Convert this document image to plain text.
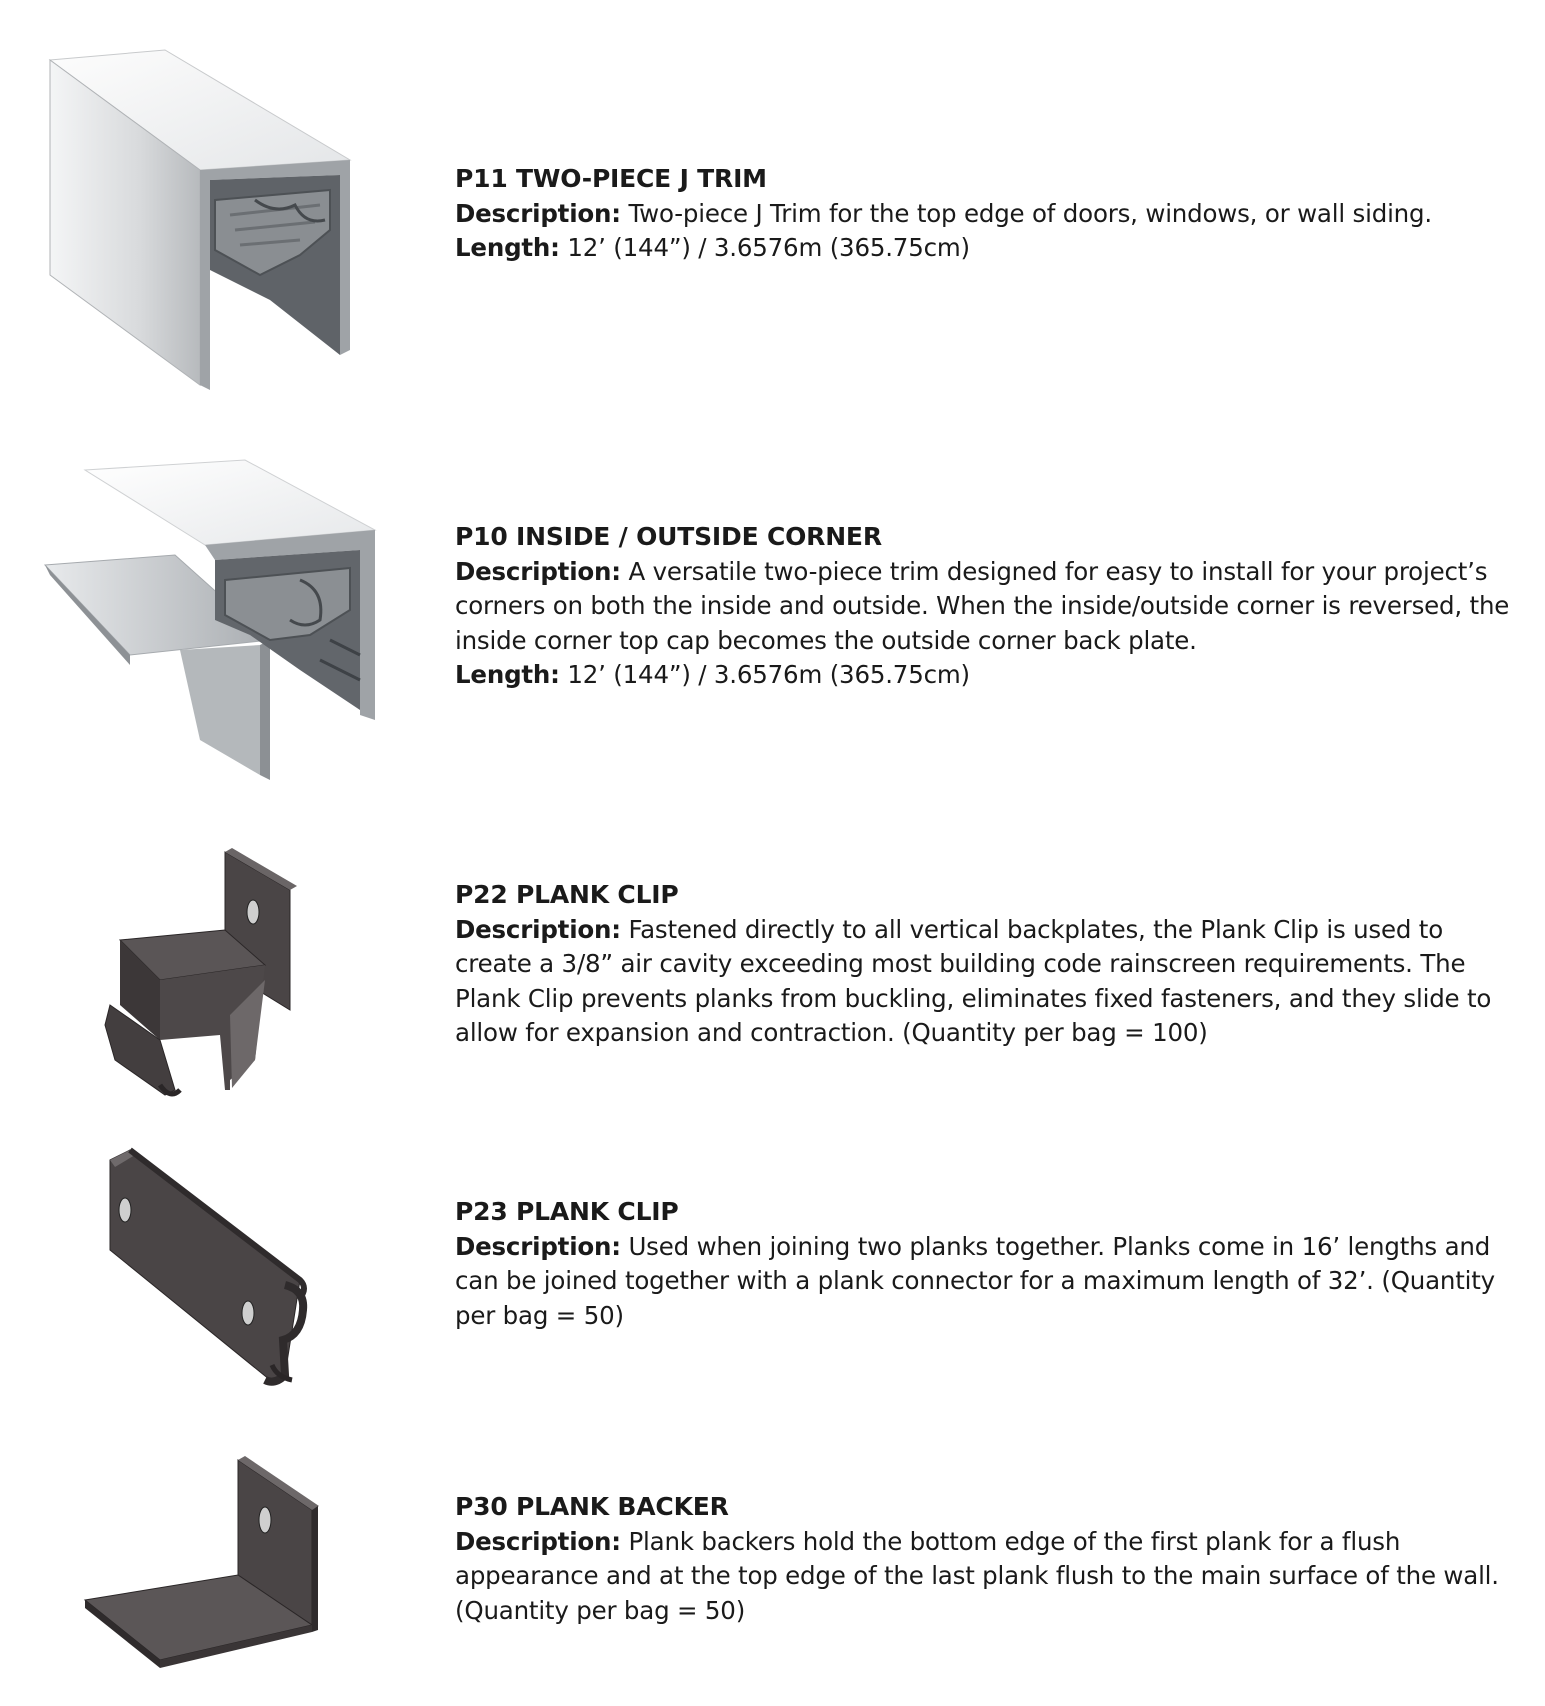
P11 TWO-PIECE J TRIM

Description: Two-piece J Trim for the top edge of doors, windows, or wall siding.

Length: 12’ (144”) / 3.6576m (365.75cm)

P10 INSIDE / OUTSIDE CORNER

Description: A versatile two-piece trim designed for easy to install for your project’s corners on both the inside and outside. When the inside/outside corner is reversed, the inside corner top cap becomes the outside corner back plate.

Length: 12’ (144”) / 3.6576m (365.75cm)

P22 PLANK CLIP

Description: Fastened directly to all vertical backplates, the Plank Clip is used to create a 3/8” air cavity exceeding most building code rainscreen requirements. The Plank Clip prevents planks from buckling, eliminates fixed fasteners, and they slide to allow for expansion and contraction. (Quantity per bag = 100)

P23 PLANK CLIP

Description: Used when joining two planks together. Planks come in 16’ lengths and can be joined together with a plank connector for a maximum length of 32’. (Quantity per bag = 50)

P30 PLANK BACKER

Description: Plank backers hold the bottom edge of the first plank for a flush appearance and at the top edge of the last plank flush to the main surface of the wall. (Quantity per bag = 50)
